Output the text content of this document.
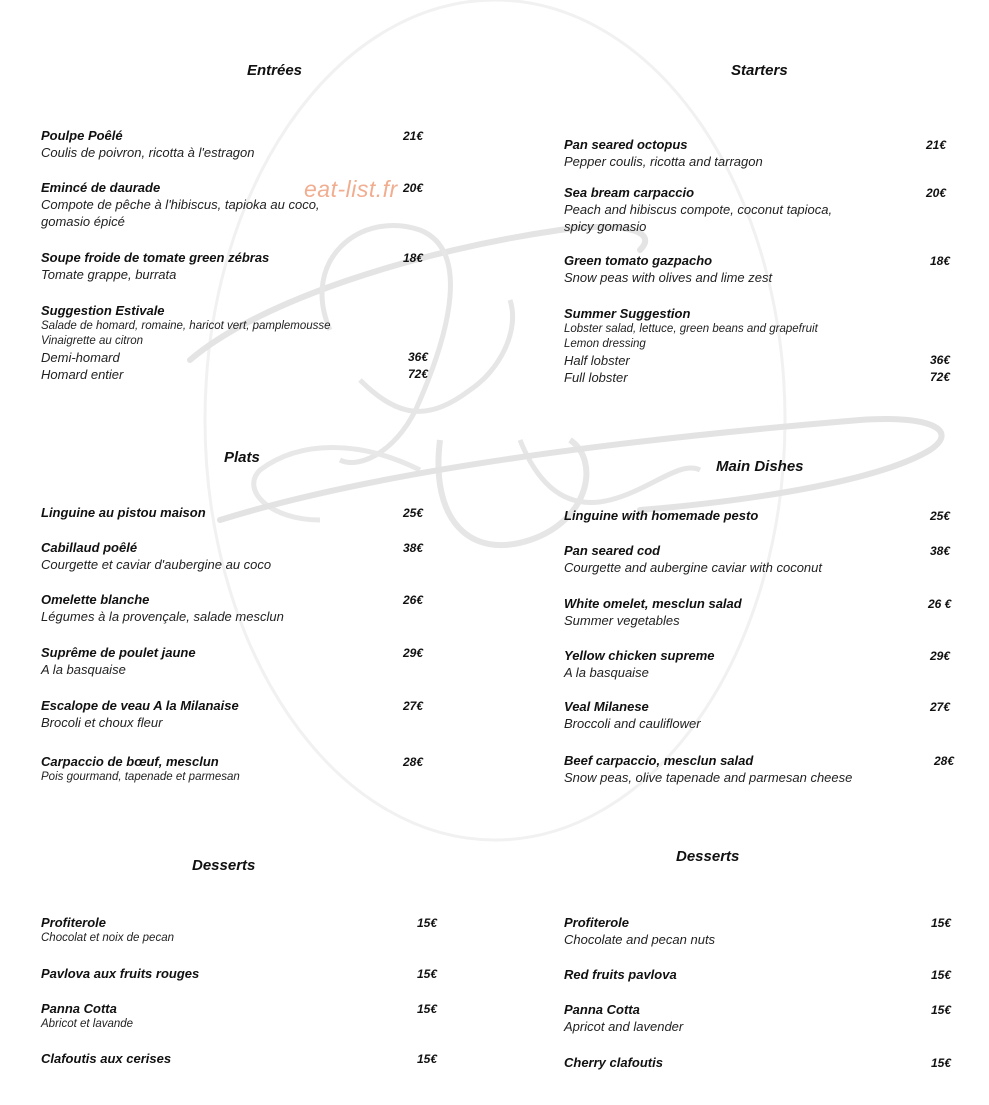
eat-list.fr
Entrées
Poulpe Poêlé	21€
Coulis de poivron, ricotta à l'estragon
Emincé de daurade	20€
Compote de pêche à l'hibiscus, tapioka au coco,
gomasio épicé
Soupe froide de tomate green zébras	18€
Tomate grappe, burrata
Suggestion Estivale
Salade de homard, romaine, haricot vert, pamplemousse
Vinaigrette au citron
Demi-homard	36€
Homard entier	72€
Plats
Linguine au pistou maison	25€
Cabillaud poêlé	38€
Courgette et caviar d'aubergine au coco
Omelette blanche	26€
Légumes à la provençale, salade mesclun
Suprême de poulet jaune	29€
A la basquaise
Escalope de veau A la Milanaise	27€
Brocoli et choux fleur
Carpaccio de bœuf, mesclun	28€
Pois gourmand, tapenade et parmesan
Desserts
Profiterole	15€
Chocolat et noix de pecan
Pavlova aux fruits rouges	15€
Panna Cotta	15€
Abricot et lavande
Clafoutis aux cerises	15€
Starters
Pan seared octopus	21€
Pepper coulis, ricotta and tarragon
Sea bream carpaccio	20€
Peach and hibiscus compote, coconut tapioca,
spicy gomasio
Green tomato gazpacho	18€
Snow peas with olives and lime zest
Summer Suggestion
Lobster salad, lettuce, green beans and grapefruit
Lemon dressing
Half lobster	36€
Full lobster	72€
Main Dishes
Linguine with homemade pesto	25€
Pan seared cod	38€
Courgette and aubergine caviar with coconut
White omelet, mesclun salad	26 €
Summer vegetables
Yellow chicken supreme	29€
A la basquaise
Veal Milanese	27€
Broccoli and cauliflower
Beef carpaccio, mesclun salad	28€
Snow peas, olive tapenade and parmesan cheese
Desserts
Profiterole	15€
Chocolate and pecan nuts
Red fruits pavlova	15€
Panna Cotta	15€
Apricot and lavender
Cherry clafoutis	15€
